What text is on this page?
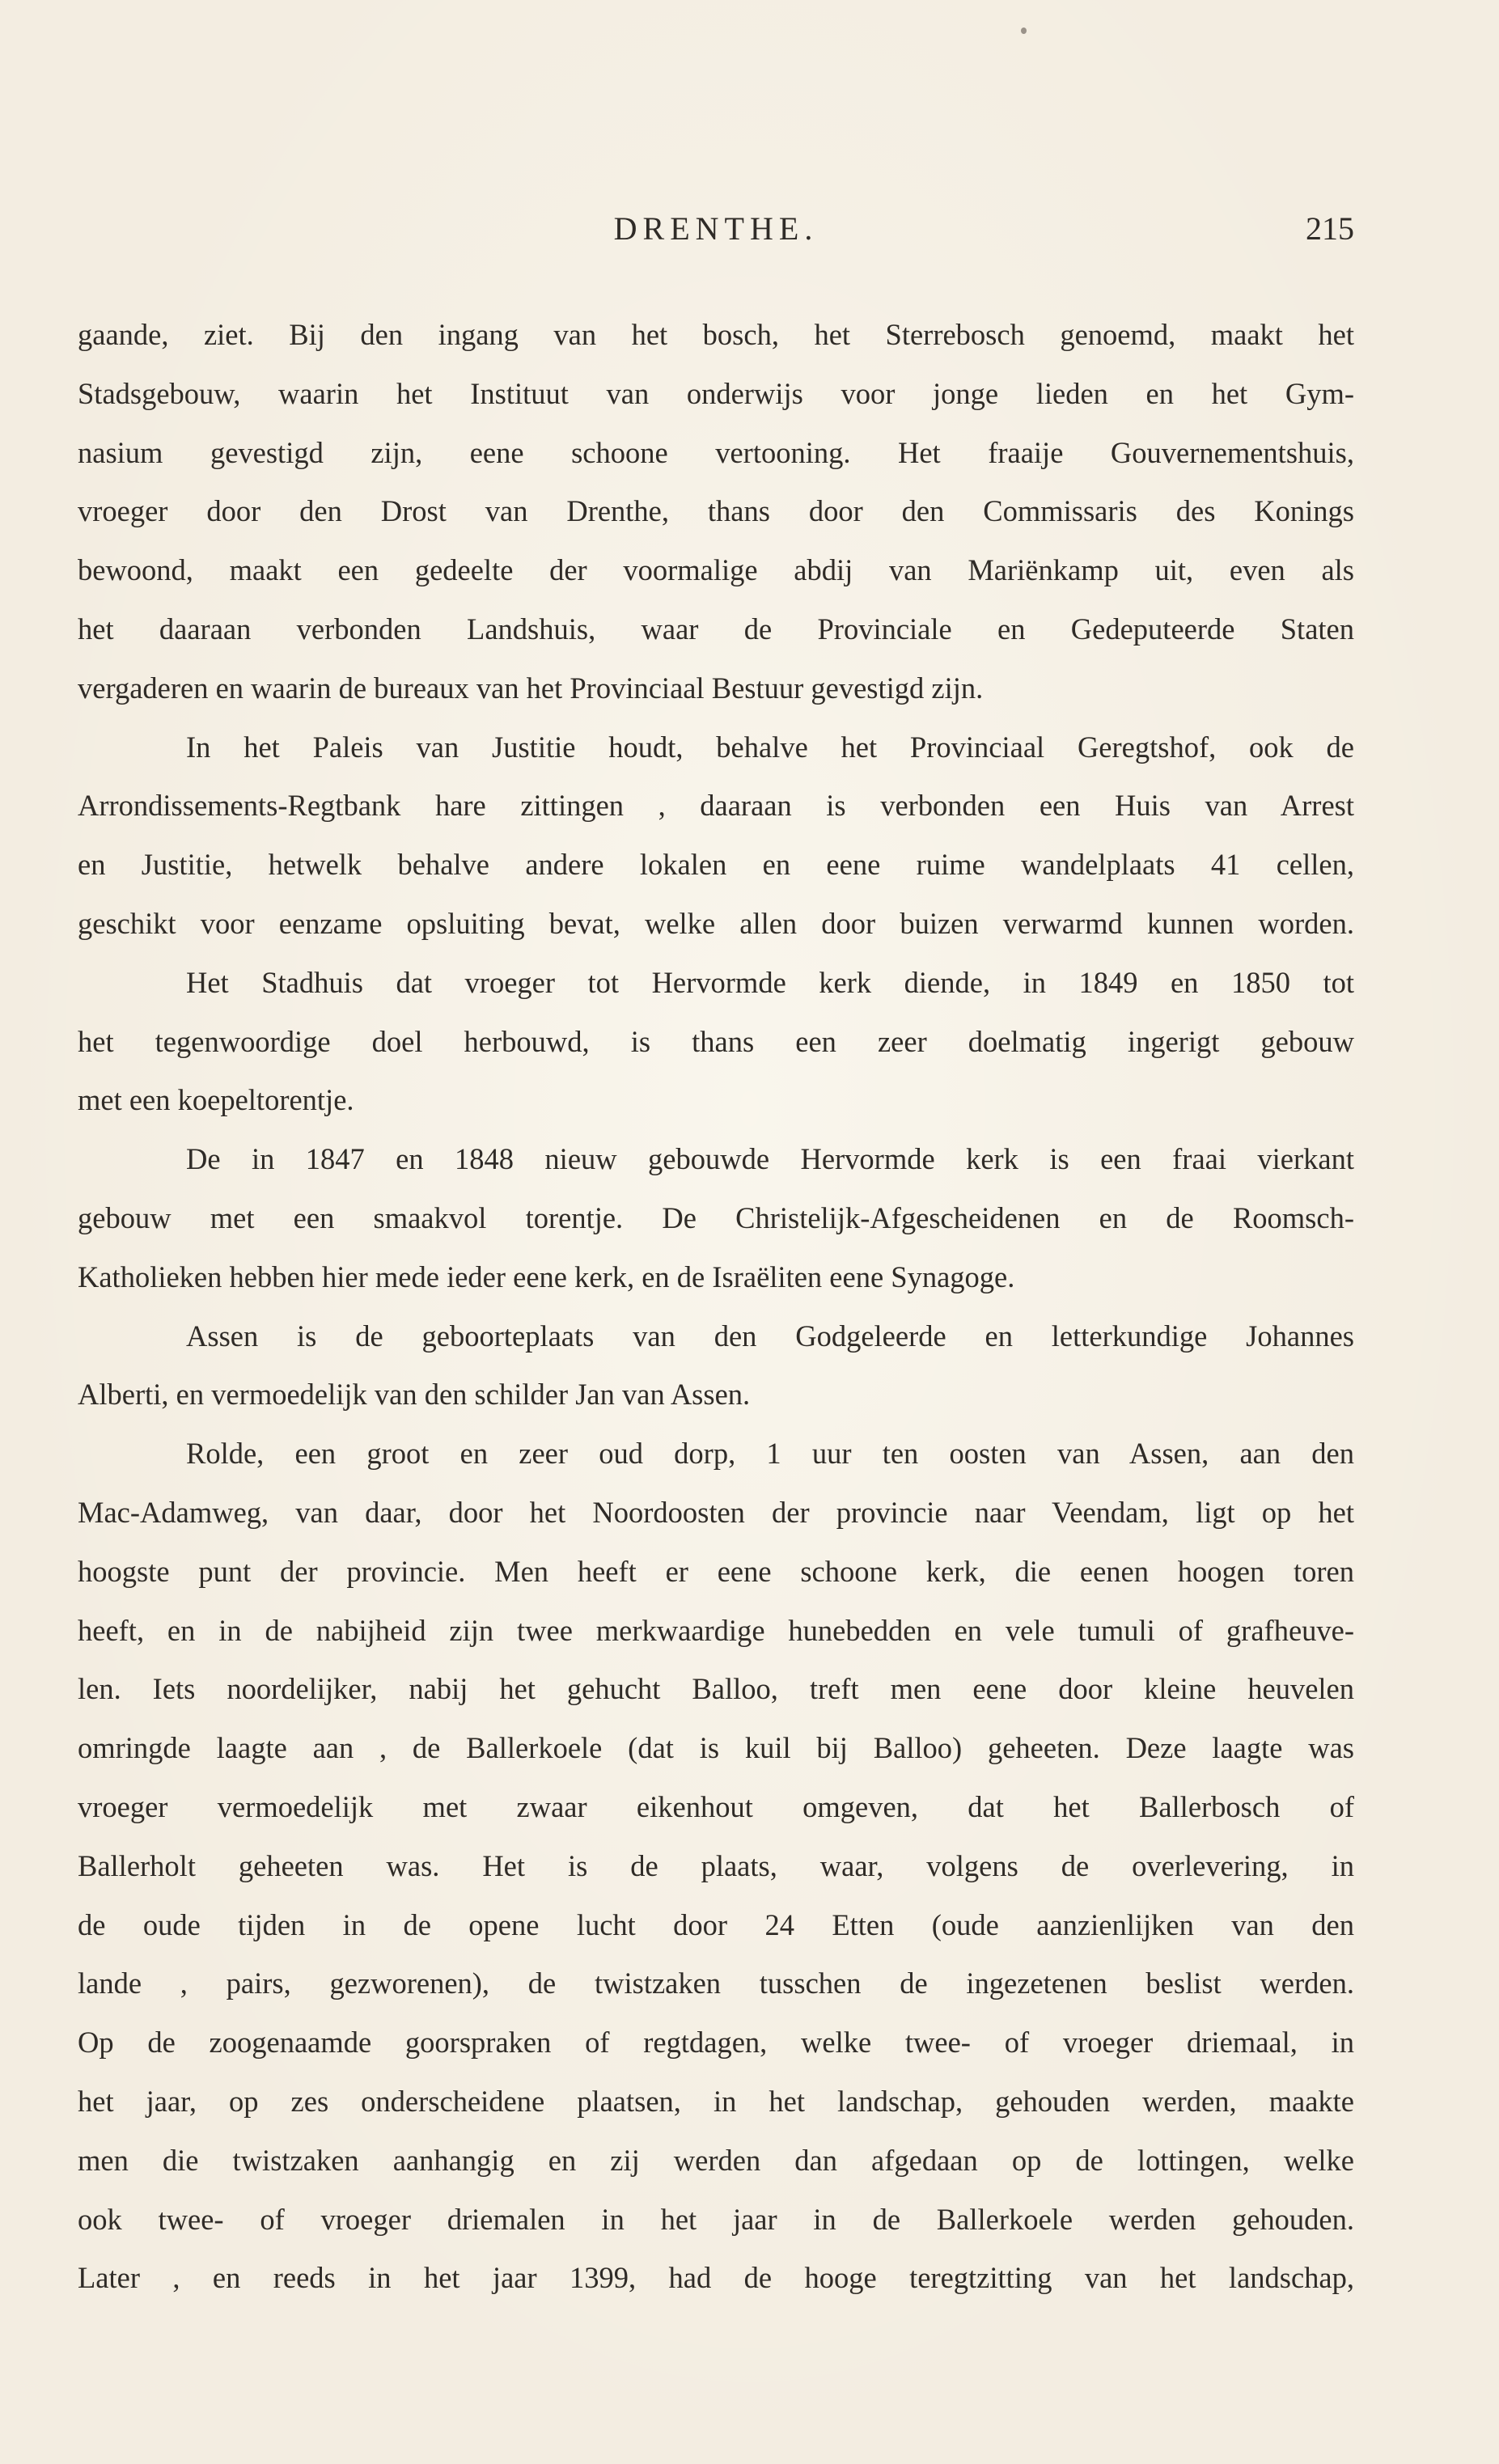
DRENTHE.	215
gaande, ziet. Bij den ingang van het bosch, het Sterrebosch genoemd, maakt het
Stadsgebouw, waarin het Instituut van onderwijs voor jonge lieden en het Gym-
nasium gevestigd zijn, eene schoone vertooning. Het fraaije Gouvernementshuis,
vroeger door den Drost van Drenthe, thans door den Commissaris des Konings
bewoond, maakt een gedeelte der voormalige abdij van Mariënkamp uit, even als
het daaraan verbonden Landshuis, waar de Provinciale en Gedeputeerde Staten
vergaderen en waarin de bureaux van het Provinciaal Bestuur gevestigd zijn.
In het Paleis van Justitie houdt, behalve het Provinciaal Geregtshof, ook de
Arrondissements-Regtbank hare zittingen , daaraan is verbonden een Huis van Arrest
en Justitie, hetwelk behalve andere lokalen en eene ruime wandelplaats 41 cellen,
geschikt voor eenzame opsluiting bevat, welke allen door buizen verwarmd kunnen worden.
Het Stadhuis dat vroeger tot Hervormde kerk diende, in 1849 en 1850 tot
het tegenwoordige doel herbouwd, is thans een zeer doelmatig ingerigt gebouw
met een koepeltorentje.
De in 1847 en 1848 nieuw gebouwde Hervormde kerk is een fraai vierkant
gebouw met een smaakvol torentje. De Christelijk-Afgescheidenen en de Roomsch-
Katholieken hebben hier mede ieder eene kerk, en de Israëliten eene Synagoge.
Assen is de geboorteplaats van den Godgeleerde en letterkundige Johannes
Alberti, en vermoedelijk van den schilder Jan van Assen.
Rolde, een groot en zeer oud dorp, 1 uur ten oosten van Assen, aan den
Mac-Adamweg, van daar, door het Noordoosten der provincie naar Veendam, ligt op het
hoogste punt der provincie. Men heeft er eene schoone kerk, die eenen hoogen toren
heeft, en in de nabijheid zijn twee merkwaardige hunebedden en vele tumuli of grafheuve-
len. Iets noordelijker, nabij het gehucht Balloo, treft men eene door kleine heuvelen
omringde laagte aan , de Ballerkoele (dat is kuil bij Balloo) geheeten. Deze laagte was
vroeger vermoedelijk met zwaar eikenhout omgeven, dat het Ballerbosch of
Ballerholt geheeten was. Het is de plaats, waar, volgens de overlevering, in
de oude tijden in de opene lucht door 24 Etten (oude aanzienlijken van den
lande , pairs, gezworenen), de twistzaken tusschen de ingezetenen beslist werden.
Op de zoogenaamde goorspraken of regtdagen, welke twee- of vroeger driemaal, in
het jaar, op zes onderscheidene plaatsen, in het landschap, gehouden werden, maakte
men die twistzaken aanhangig en zij werden dan afgedaan op de lottingen, welke
ook twee- of vroeger driemalen in het jaar in de Ballerkoele werden gehouden.
Later , en reeds in het jaar 1399, had de hooge teregtzitting van het landschap,
